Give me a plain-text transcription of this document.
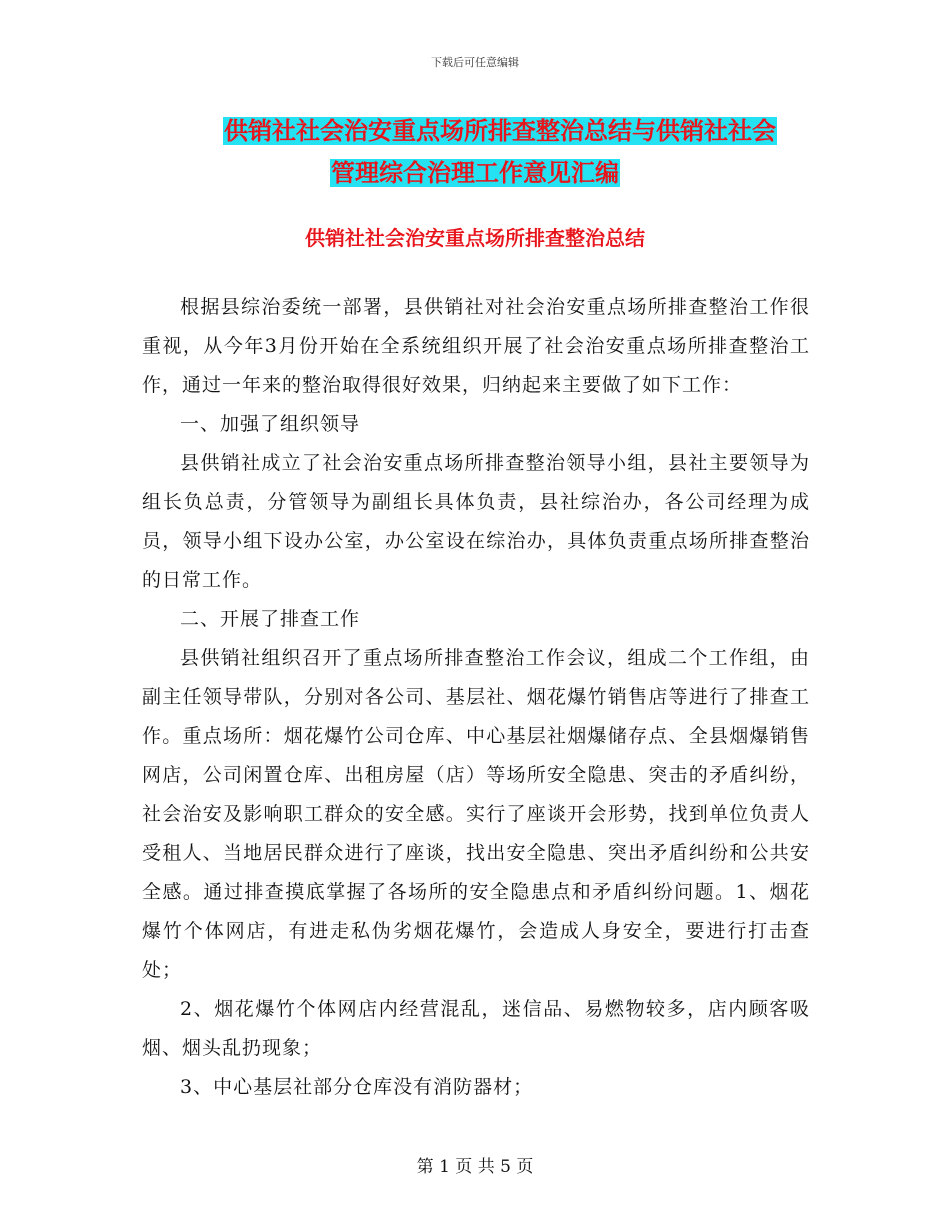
下载后可任意编辑
供销社社会治安重点场所排查整治总结与供销社社会
管理综合治理工作意见汇编
供销社社会治安重点场所排查整治总结

根据县综治委统一部署，县供销社对社会治安重点场所排查整治工作很重视，从今年3月份开始在全系统组织开展了社会治安重点场所排查整治工作，通过一年来的整治取得很好效果，归纳起来主要做了如下工作：

一、加强了组织领导

县供销社成立了社会治安重点场所排查整治领导小组，县社主要领导为组长负总责，分管领导为副组长具体负责，县社综治办，各公司经理为成员，领导小组下设办公室，办公室设在综治办，具体负责重点场所排查整治的日常工作。

二、开展了排查工作

县供销社组织召开了重点场所排查整治工作会议，组成二个工作组，由副主任领导带队，分别对各公司、基层社、烟花爆竹销售店等进行了排查工作。重点场所：烟花爆竹公司仓库、中心基层社烟爆储存点、全县烟爆销售网店，公司闲置仓库、出租房屋（店）等场所安全隐患、突击的矛盾纠纷，社会治安及影响职工群众的安全感。实行了座谈开会形势，找到单位负责人受租人、当地居民群众进行了座谈，找出安全隐患、突出矛盾纠纷和公共安全感。通过排查摸底掌握了各场所的安全隐患点和矛盾纠纷问题。1、烟花爆竹个体网店，有进走私伪劣烟花爆竹，会造成人身安全，要进行打击查处；

2、烟花爆竹个体网店内经营混乱，迷信品、易燃物较多，店内顾客吸烟、烟头乱扔现象；

3、中心基层社部分仓库没有消防器材；

第 1 页 共 5 页
